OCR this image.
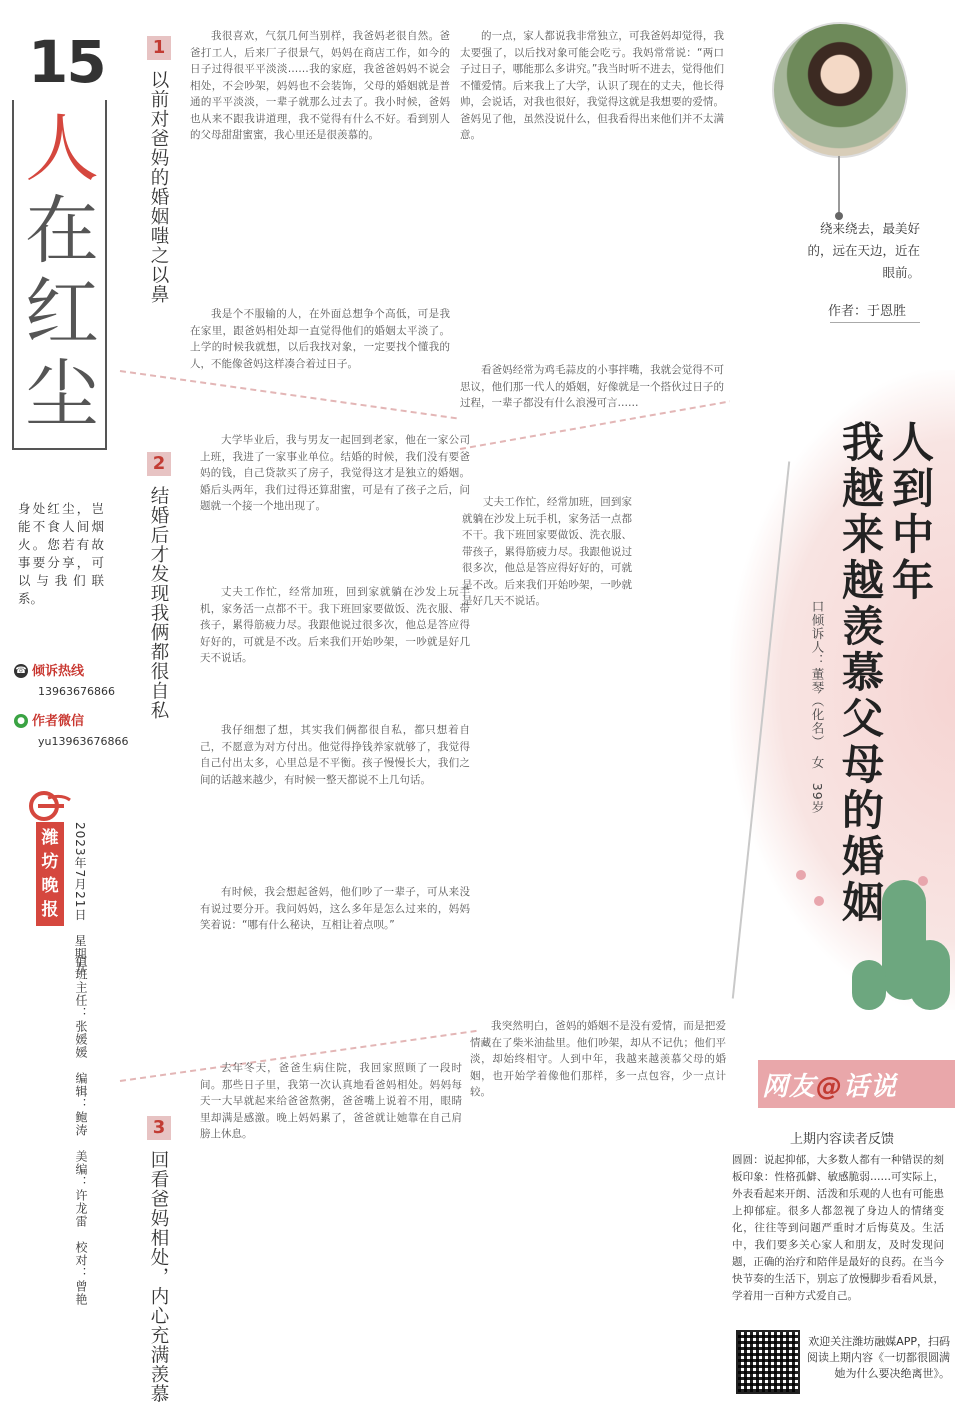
15
人
在红尘
身处红尘，岂能不食人间烟火。您若有故事要分享，可以与我们联系。
☎ 倾诉热线
13963676866
● 作者微信
yu13963676866
潍坊晚报	2023年7月21日　星期五
值班主任：张媛媛　编辑：鲍涛　美编：许龙雷　校对：曾艳
1
以前对爸妈的婚姻嗤之以鼻

我很喜欢，气氛几何当别样，我爸妈老很自然。爸爸打工人，后来厂子很景气，妈妈在商店工作，如今的日子过得很平平淡淡……我的家庭，我爸爸妈妈不说会相处，不会吵架，妈妈也不会装饰，父母的婚姻就是普通的平平淡淡，一辈子就那么过去了。我小时候，爸妈也从来不跟我讲道理，我不觉得有什么不好。看到别人的父母甜甜蜜蜜，我心里还是很羡慕的。

我是个不服输的人，在外面总想争个高低，可是我在家里，跟爸妈相处却一直觉得他们的婚姻太平淡了。上学的时候我就想，以后我找对象，一定要找个懂我的人，不能像爸妈这样凑合着过日子。

的一点，家人都说我非常独立，可我爸妈却觉得，我太要强了，以后找对象可能会吃亏。我妈常常说：“两口子过日子，哪能那么多讲究。”我当时听不进去，觉得他们不懂爱情。后来我上了大学，认识了现在的丈夫，他长得帅，会说话，对我也很好，我觉得这就是我想要的爱情。爸妈见了他，虽然没说什么，但我看得出来他们并不太满意。

看爸妈经常为鸡毛蒜皮的小事拌嘴，我就会觉得不可思议，他们那一代人的婚姻，好像就是一个搭伙过日子的过程，一辈子都没有什么浪漫可言……

2
结婚后才发现我俩都很自私

大学毕业后，我与男友一起回到老家，他在一家公司上班，我进了一家事业单位。结婚的时候，我们没有要爸妈的钱，自己贷款买了房子，我觉得这才是独立的婚姻。婚后头两年，我们过得还算甜蜜，可是有了孩子之后，问题就一个接一个地出现了。

丈夫工作忙，经常加班，回到家就躺在沙发上玩手机，家务活一点都不干。我下班回家要做饭、洗衣服、带孩子，累得筋疲力尽。我跟他说过很多次，他总是答应得好好的，可就是不改。后来我们开始吵架，一吵就是好几天不说话。

我仔细想了想，其实我们俩都很自私，都只想着自己，不愿意为对方付出。他觉得挣钱养家就够了，我觉得自己付出太多，心里总是不平衡。孩子慢慢长大，我们之间的话越来越少，有时候一整天都说不上几句话。

有时候，我会想起爸妈，他们吵了一辈子，可从来没有说过要分开。我问妈妈，这么多年是怎么过来的，妈妈笑着说：“哪有什么秘诀，互相让着点呗。”

丈夫工作忙，经常加班，回到家就躺在沙发上玩手机，家务活一点都不干。我下班回家要做饭、洗衣服、带孩子，累得筋疲力尽。我跟他说过很多次，他总是答应得好好的，可就是不改。后来我们开始吵架，一吵就是好几天不说话。

3
回看爸妈相处，内心充满羡慕

去年冬天，爸爸生病住院，我回家照顾了一段时间。那些日子里，我第一次认真地看爸妈相处。妈妈每天一大早就起来给爸爸熬粥，爸爸嘴上说着不用，眼睛里却满是感激。晚上妈妈累了，爸爸就让她靠在自己肩膀上休息。

我突然明白，爸妈的婚姻不是没有爱情，而是把爱情藏在了柴米油盐里。他们吵架，却从不记仇；他们平淡，却始终相守。人到中年，我越来越羡慕父母的婚姻，也开始学着像他们那样，多一点包容，少一点计较。

绕来绕去，最美好的，远在天边，近在眼前。
作者：于恩胜
人到中年
我越来越羡慕父母的婚姻
口倾诉人：董琴（化名）　女　39岁
网友@话说
上期内容读者反馈
圆圆：说起抑郁，大多数人都有一种错误的刻板印象：性格孤僻、敏感脆弱……可实际上，外表看起来开朗、活泼和乐观的人也有可能患上抑郁症。很多人都忽视了身边人的情绪变化，往往等到问题严重时才后悔莫及。生活中，我们要多关心家人和朋友，及时发现问题，正确的治疗和陪伴是最好的良药。在当今快节奏的生活下，别忘了放慢脚步看看风景，学着用一百种方式爱自己。
欢迎关注潍坊融媒APP，扫码阅读上期内容《一切都很圆满 她为什么要决绝离世》。
